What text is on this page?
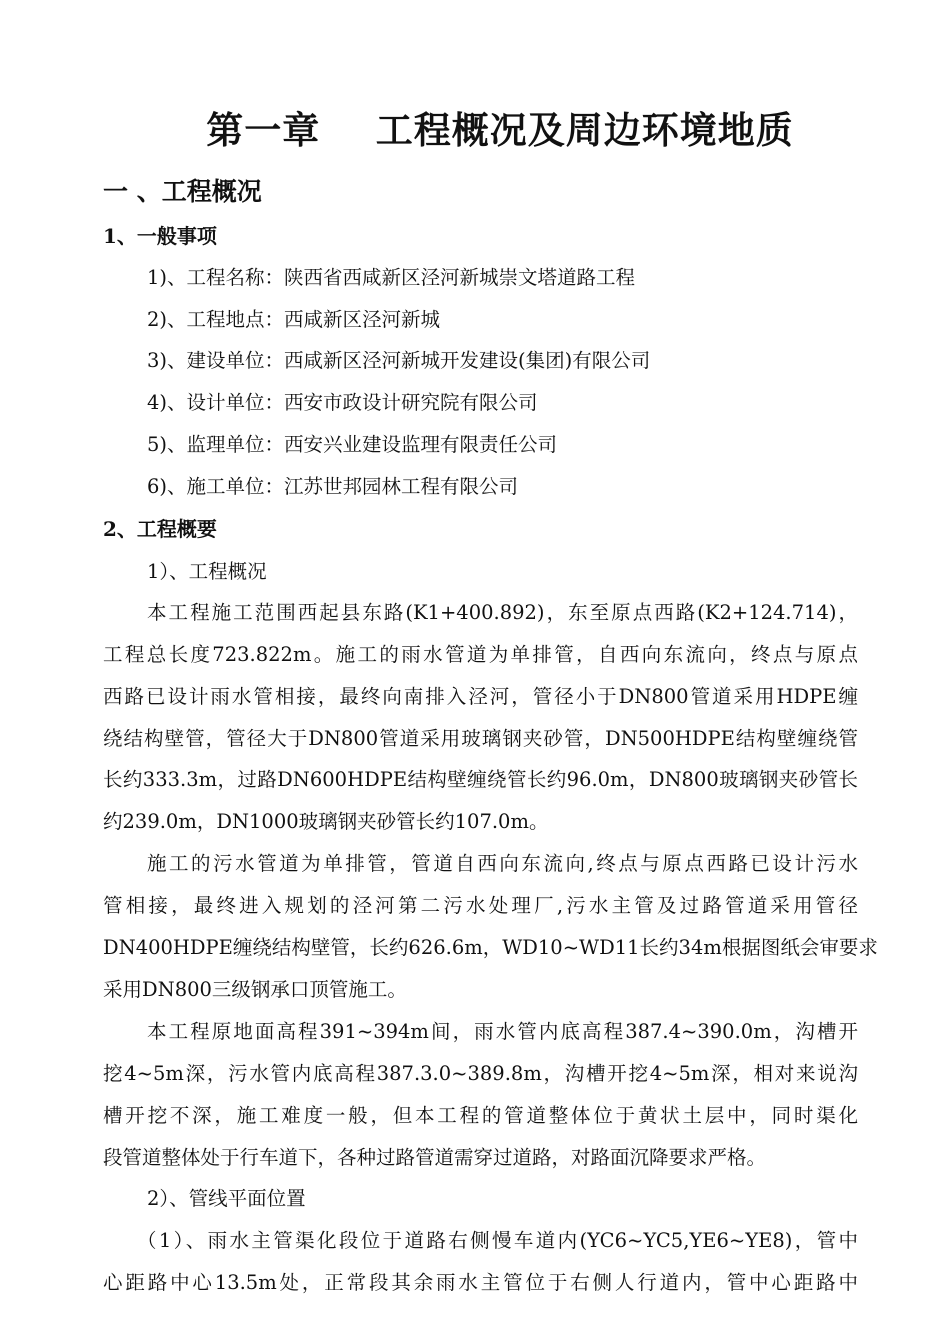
第一章    工程概况及周边环境地质
一 、工程概况
1、一般事项
1)、工程名称：陕西省西咸新区泾河新城崇文塔道路工程
2)、工程地点：西咸新区泾河新城
3)、建设单位：西咸新区泾河新城开发建设(集团)有限公司
4)、设计单位：西安市政设计研究院有限公司
5)、监理单位：西安兴业建设监理有限责任公司
6)、施工单位：江苏世邦园林工程有限公司
2、工程概要
1）、工程概况
本工程施工范围西起县东路(K1+400.892)，东至原点西路(K2+124.714)，
工程总长度723.822m。施工的雨水管道为单排管，自西向东流向，终点与原点
西路已设计雨水管相接，最终向南排入泾河，管径小于DN800管道采用HDPE缠
绕结构壁管，管径大于DN800管道采用玻璃钢夹砂管，DN500HDPE结构壁缠绕管
长约333.3m，过路DN600HDPE结构壁缠绕管长约96.0m，DN800玻璃钢夹砂管长
约239.0m，DN1000玻璃钢夹砂管长约107.0m。
施工的污水管道为单排管，管道自西向东流向,终点与原点西路已设计污水
管相接，最终进入规划的泾河第二污水处理厂,污水主管及过路管道采用管径
DN400HDPE缠绕结构壁管，长约626.6m，WD10~WD11长约34m根据图纸会审要求
采用DN800三级钢承口顶管施工。
本工程原地面高程391~394m间，雨水管内底高程387.4~390.0m，沟槽开
挖4~5m深，污水管内底高程387.3.0~389.8m，沟槽开挖4~5m深，相对来说沟
槽开挖不深，施工难度一般，但本工程的管道整体位于黄状土层中，同时渠化
段管道整体处于行车道下，各种过路管道需穿过道路，对路面沉降要求严格。
2）、管线平面位置
（1）、雨水主管渠化段位于道路右侧慢车道内(YC6~YC5,YE6~YE8)，管中
心距路中心13.5m处，正常段其余雨水主管位于右侧人行道内，管中心距路中
